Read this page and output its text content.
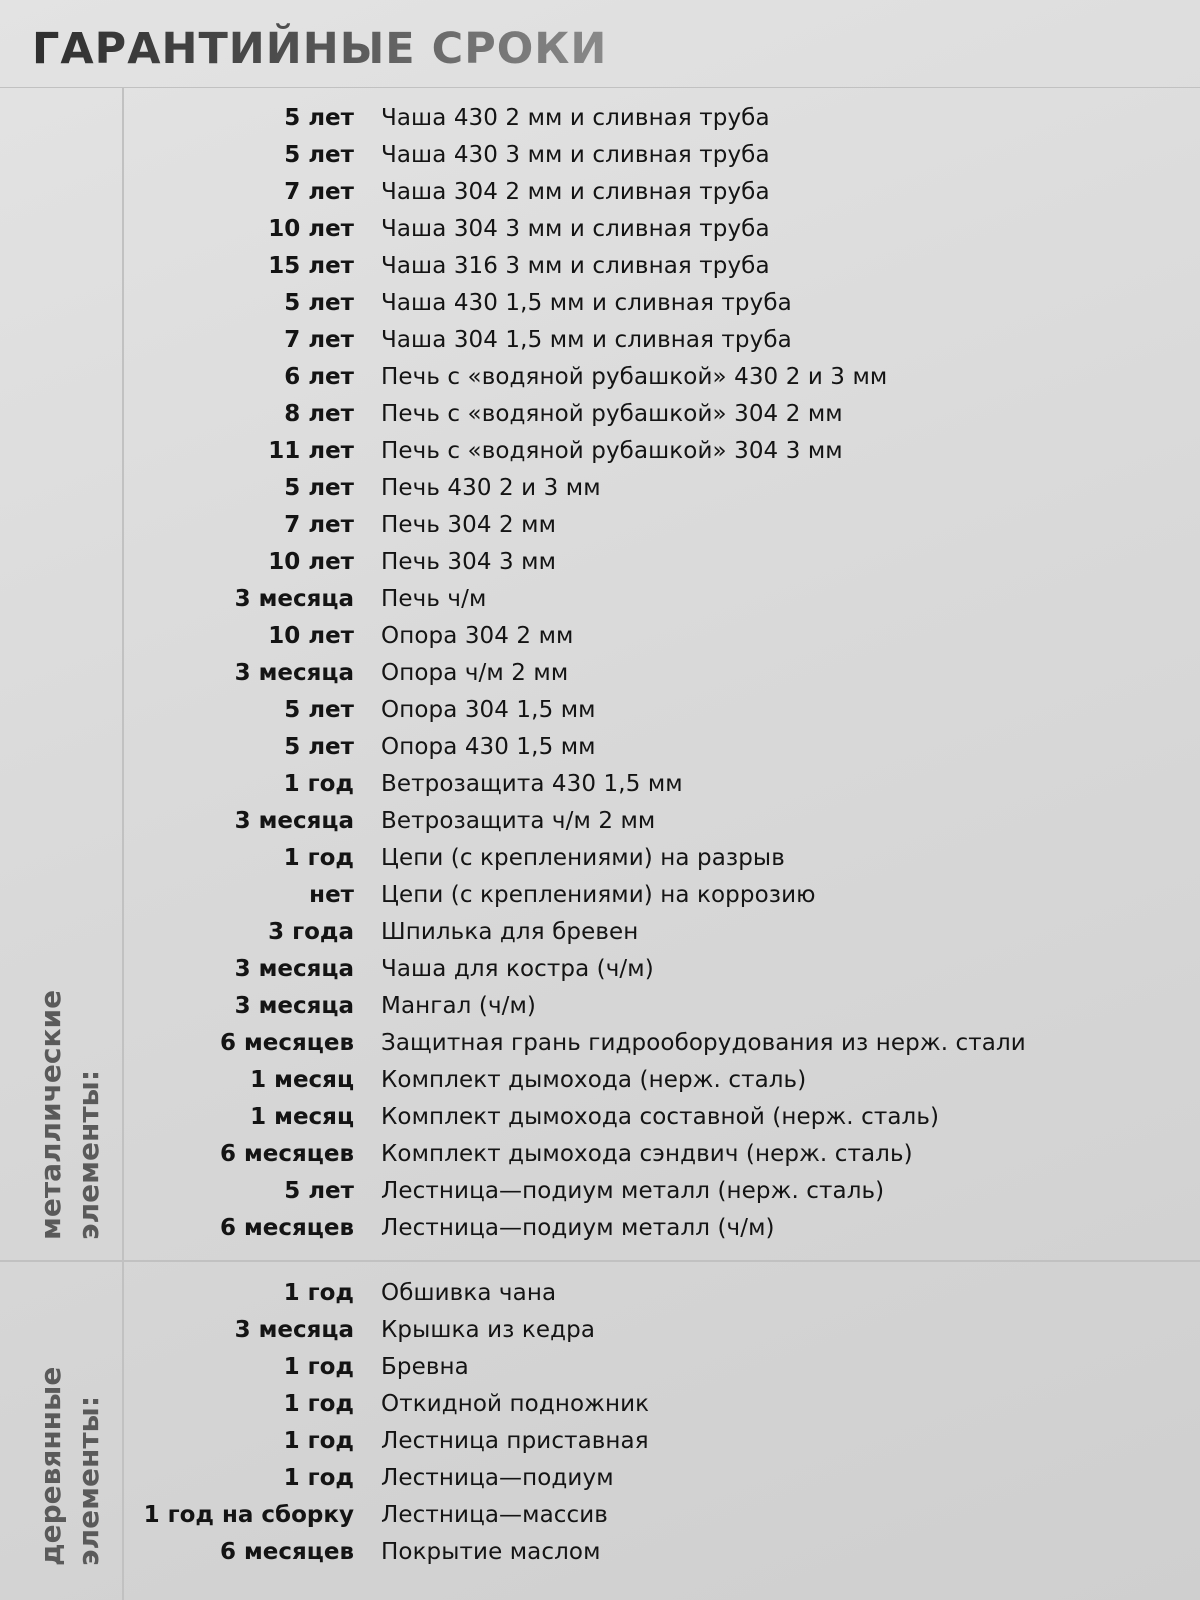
ГАРАНТИЙНЫЕ СРОКИ
металлические элементы:
деревянные элементы:
5 лет Чаша 430 2 мм и сливная труба
5 лет Чаша 430 3 мм и сливная труба
7 лет Чаша 304 2 мм и сливная труба
10 лет Чаша 304 3 мм и сливная труба
15 лет Чаша 316 3 мм и сливная труба
5 лет Чаша 430 1,5 мм и сливная труба
7 лет Чаша 304 1,5 мм и сливная труба
6 лет Печь с «водяной рубашкой» 430 2 и 3 мм
8 лет Печь с «водяной рубашкой» 304 2 мм
11 лет Печь с «водяной рубашкой» 304 3 мм
5 лет Печь 430 2 и 3 мм
7 лет Печь 304 2 мм
10 лет Печь 304 3 мм
3 месяца Печь ч/м
10 лет Опора 304 2 мм
3 месяца Опора ч/м 2 мм
5 лет Опора 304 1,5 мм
5 лет Опора 430 1,5 мм
1 год Ветрозащита 430 1,5 мм
3 месяца Ветрозащита ч/м 2 мм
1 год Цепи (с креплениями) на разрыв
нет Цепи (с креплениями) на коррозию
3 года Шпилька для бревен
3 месяца Чаша для костра (ч/м)
3 месяца Мангал (ч/м)
6 месяцев Защитная грань гидрооборудования из нерж. стали
1 месяц Комплект дымохода (нерж. сталь)
1 месяц Комплект дымохода составной (нерж. сталь)
6 месяцев Комплект дымохода сэндвич (нерж. сталь)
5 лет Лестница—подиум металл (нерж. сталь)
6 месяцев Лестница—подиум металл (ч/м)
1 год Обшивка чана
3 месяца Крышка из кедра
1 год Бревна
1 год Откидной подножник
1 год Лестница приставная
1 год Лестница—подиум
1 год на сборку Лестница—массив
6 месяцев Покрытие маслом
